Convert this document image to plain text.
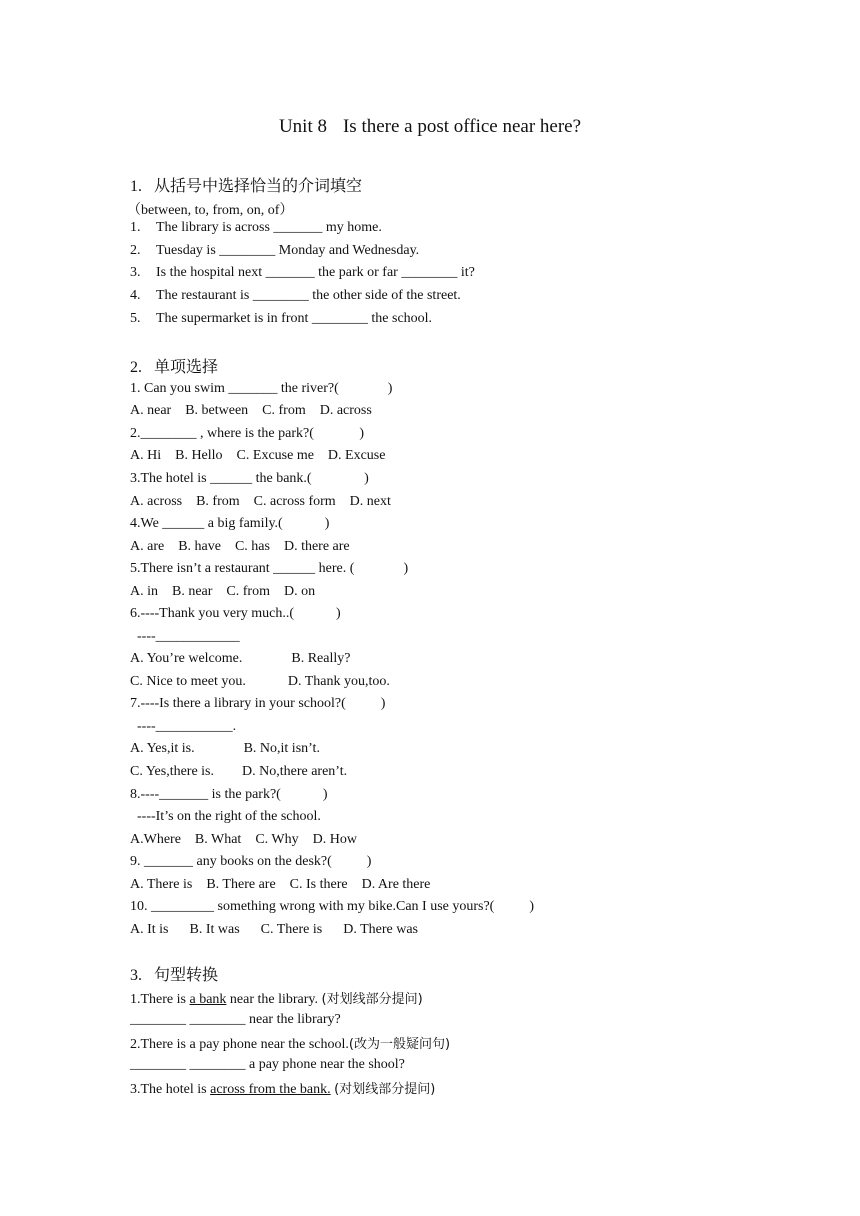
Unit 8 Is there a post office near here?
1. 从括号中选择恰当的介词填空
（between, to, from, on, of）
1. The library is across _______ my home.
2. Tuesday is ________ Monday and Wednesday.
3. Is the hospital next _______ the park or far ________ it?
4. The restaurant is ________ the other side of the street.
5. The supermarket is in front ________ the school.
2. 单项选择
1. Can you swim _______ the river?(              )
A. near    B. between    C. from    D. across
2.________ , where is the park?(             )
A. Hi    B. Hello    C. Excuse me    D. Excuse
3.The hotel is ______ the bank.(               )
A. across    B. from    C. across form    D. next
4.We ______ a big family.(            )
A. are    B. have    C. has    D. there are
5.There isn’t a restaurant ______ here. (              )
A. in    B. near    C. from    D. on
6.----Thank you very much..(            )
----____________
A. You’re welcome.              B. Really?
C. Nice to meet you.            D. Thank you,too.
7.----Is there a library in your school?(          )
----___________.
A. Yes,it is.              B. No,it isn’t.
C. Yes,there is.        D. No,there aren’t.
8.----_______ is the park?(            )
----It’s on the right of the school.
A.Where    B. What    C. Why    D. How
9. _______ any books on the desk?(          )
A. There is    B. There are    C. Is there    D. Are there
10. _________ something wrong with my bike.Can I use yours?(          )
A. It is      B. It was      C. There is      D. There was
3. 句型转换
1.There is a bank near the library. (对划线部分提问)
________ ________ near the library?
2.There is a pay phone near the school.(改为一般疑问句)
________ ________ a pay phone near the shool?
3.The hotel is across from the bank. (对划线部分提问)
